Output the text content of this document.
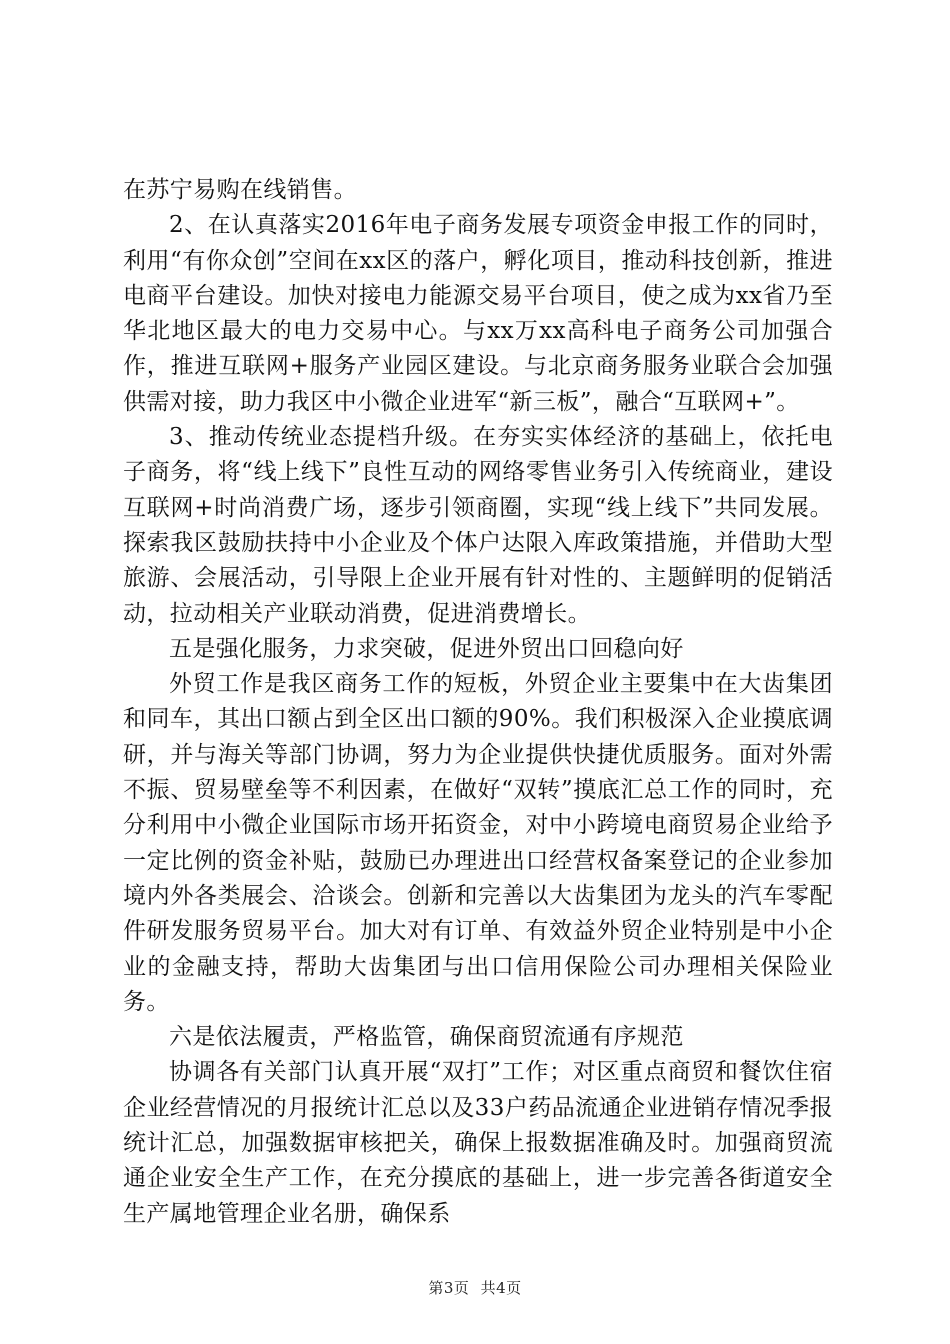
在苏宁易购在线销售。

2、在认真落实2016年电子商务发展专项资金申报工作的同时，利用“有你众创”空间在xx区的落户，孵化项目，推动科技创新，推进电商平台建设。加快对接电力能源交易平台项目，使之成为xx省乃至华北地区最大的电力交易中心。与xx万xx高科电子商务公司加强合作，推进互联网+服务产业园区建设。与北京商务服务业联合会加强供需对接，助力我区中小微企业进军“新三板”，融合“互联网+”。

3、推动传统业态提档升级。在夯实实体经济的基础上，依托电子商务，将“线上线下”良性互动的网络零售业务引入传统商业，建设互联网+时尚消费广场，逐步引领商圈，实现“线上线下”共同发展。探索我区鼓励扶持中小企业及个体户达限入库政策措施，并借助大型旅游、会展活动，引导限上企业开展有针对性的、主题鲜明的促销活动，拉动相关产业联动消费，促进消费增长。

五是强化服务，力求突破，促进外贸出口回稳向好

外贸工作是我区商务工作的短板，外贸企业主要集中在大齿集团和同车，其出口额占到全区出口额的90%。我们积极深入企业摸底调研，并与海关等部门协调，努力为企业提供快捷优质服务。面对外需不振、贸易壁垒等不利因素，在做好“双转”摸底汇总工作的同时，充分利用中小微企业国际市场开拓资金，对中小跨境电商贸易企业给予一定比例的资金补贴，鼓励已办理进出口经营权备案登记的企业参加境内外各类展会、洽谈会。创新和完善以大齿集团为龙头的汽车零配件研发服务贸易平台。加大对有订单、有效益外贸企业特别是中小企业的金融支持，帮助大齿集团与出口信用保险公司办理相关保险业务。

六是依法履责，严格监管，确保商贸流通有序规范

协调各有关部门认真开展“双打”工作；对区重点商贸和餐饮住宿企业经营情况的月报统计汇总以及33户药品流通企业进销存情况季报统计汇总，加强数据审核把关，确保上报数据准确及时。加强商贸流通企业安全生产工作，在充分摸底的基础上，进一步完善各街道安全生产属地管理企业名册，确保系

第3页 共4页
